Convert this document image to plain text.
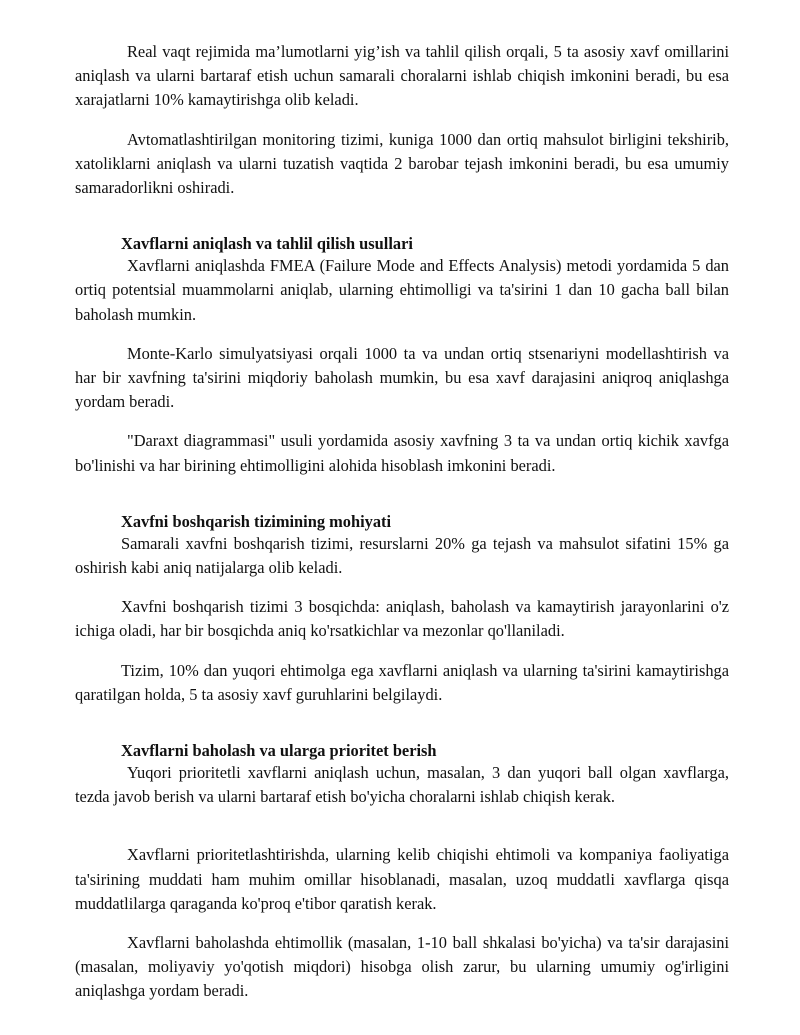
Real vaqt rejimida ma’lumotlarni yig’ish va tahlil qilish orqali, 5 ta asosiy xavf omillarini aniqlash va ularni bartaraf etish uchun samarali choralarni ishlab chiqish imkonini beradi, bu esa xarajatlarni 10% kamaytirishga olib keladi.

Avtomatlashtirilgan monitoring tizimi, kuniga 1000 dan ortiq mahsulot birligini tekshirib, xatoliklarni aniqlash va ularni tuzatish vaqtida 2 barobar tejash imkonini beradi, bu esa umumiy samaradorlikni oshiradi.

Xavflarni aniqlash va tahlil qilish usullari

Xavflarni aniqlashda FMEA (Failure Mode and Effects Analysis) metodi yordamida 5 dan ortiq potentsial muammolarni aniqlab, ularning ehtimolligi va ta'sirini 1 dan 10 gacha ball bilan baholash mumkin.

Monte-Karlo simulyatsiyasi orqali 1000 ta va undan ortiq stsenariyni modellashtirish va har bir xavfning ta'sirini miqdoriy baholash mumkin, bu esa xavf darajasini aniqroq aniqlashga yordam beradi.

"Daraxt diagrammasi" usuli yordamida asosiy xavfning 3 ta va undan ortiq kichik xavfga bo'linishi va har birining ehtimolligini alohida hisoblash imkonini beradi.

Xavfni boshqarish tizimining mohiyati

Samarali xavfni boshqarish tizimi, resurslarni 20% ga tejash va mahsulot sifatini 15% ga oshirish kabi aniq natijalarga olib keladi.

Xavfni boshqarish tizimi 3 bosqichda: aniqlash, baholash va kamaytirish jarayonlarini o'z ichiga oladi, har bir bosqichda aniq ko'rsatkichlar va mezonlar qo'llaniladi.

Tizim, 10% dan yuqori ehtimolga ega xavflarni aniqlash va ularning ta'sirini kamaytirishga qaratilgan holda, 5 ta asosiy xavf guruhlarini belgilaydi.

Xavflarni baholash va ularga prioritet berish

Yuqori prioritetli xavflarni aniqlash uchun, masalan, 3 dan yuqori ball olgan xavflarga, tezda javob berish va ularni bartaraf etish bo'yicha choralarni ishlab chiqish kerak.

Xavflarni prioritetlashtirishda, ularning kelib chiqishi ehtimoli va kompaniya faoliyatiga ta'sirining muddati ham muhim omillar hisoblanadi, masalan, uzoq muddatli xavflarga qisqa muddatlilarga qaraganda ko'proq e'tibor qaratish kerak.

Xavflarni baholashda ehtimollik (masalan, 1-10 ball shkalasi bo'yicha) va ta'sir darajasini (masalan, moliyaviy yo'qotish miqdori) hisobga olish zarur, bu ularning umumiy og'irligini aniqlashga yordam beradi.
